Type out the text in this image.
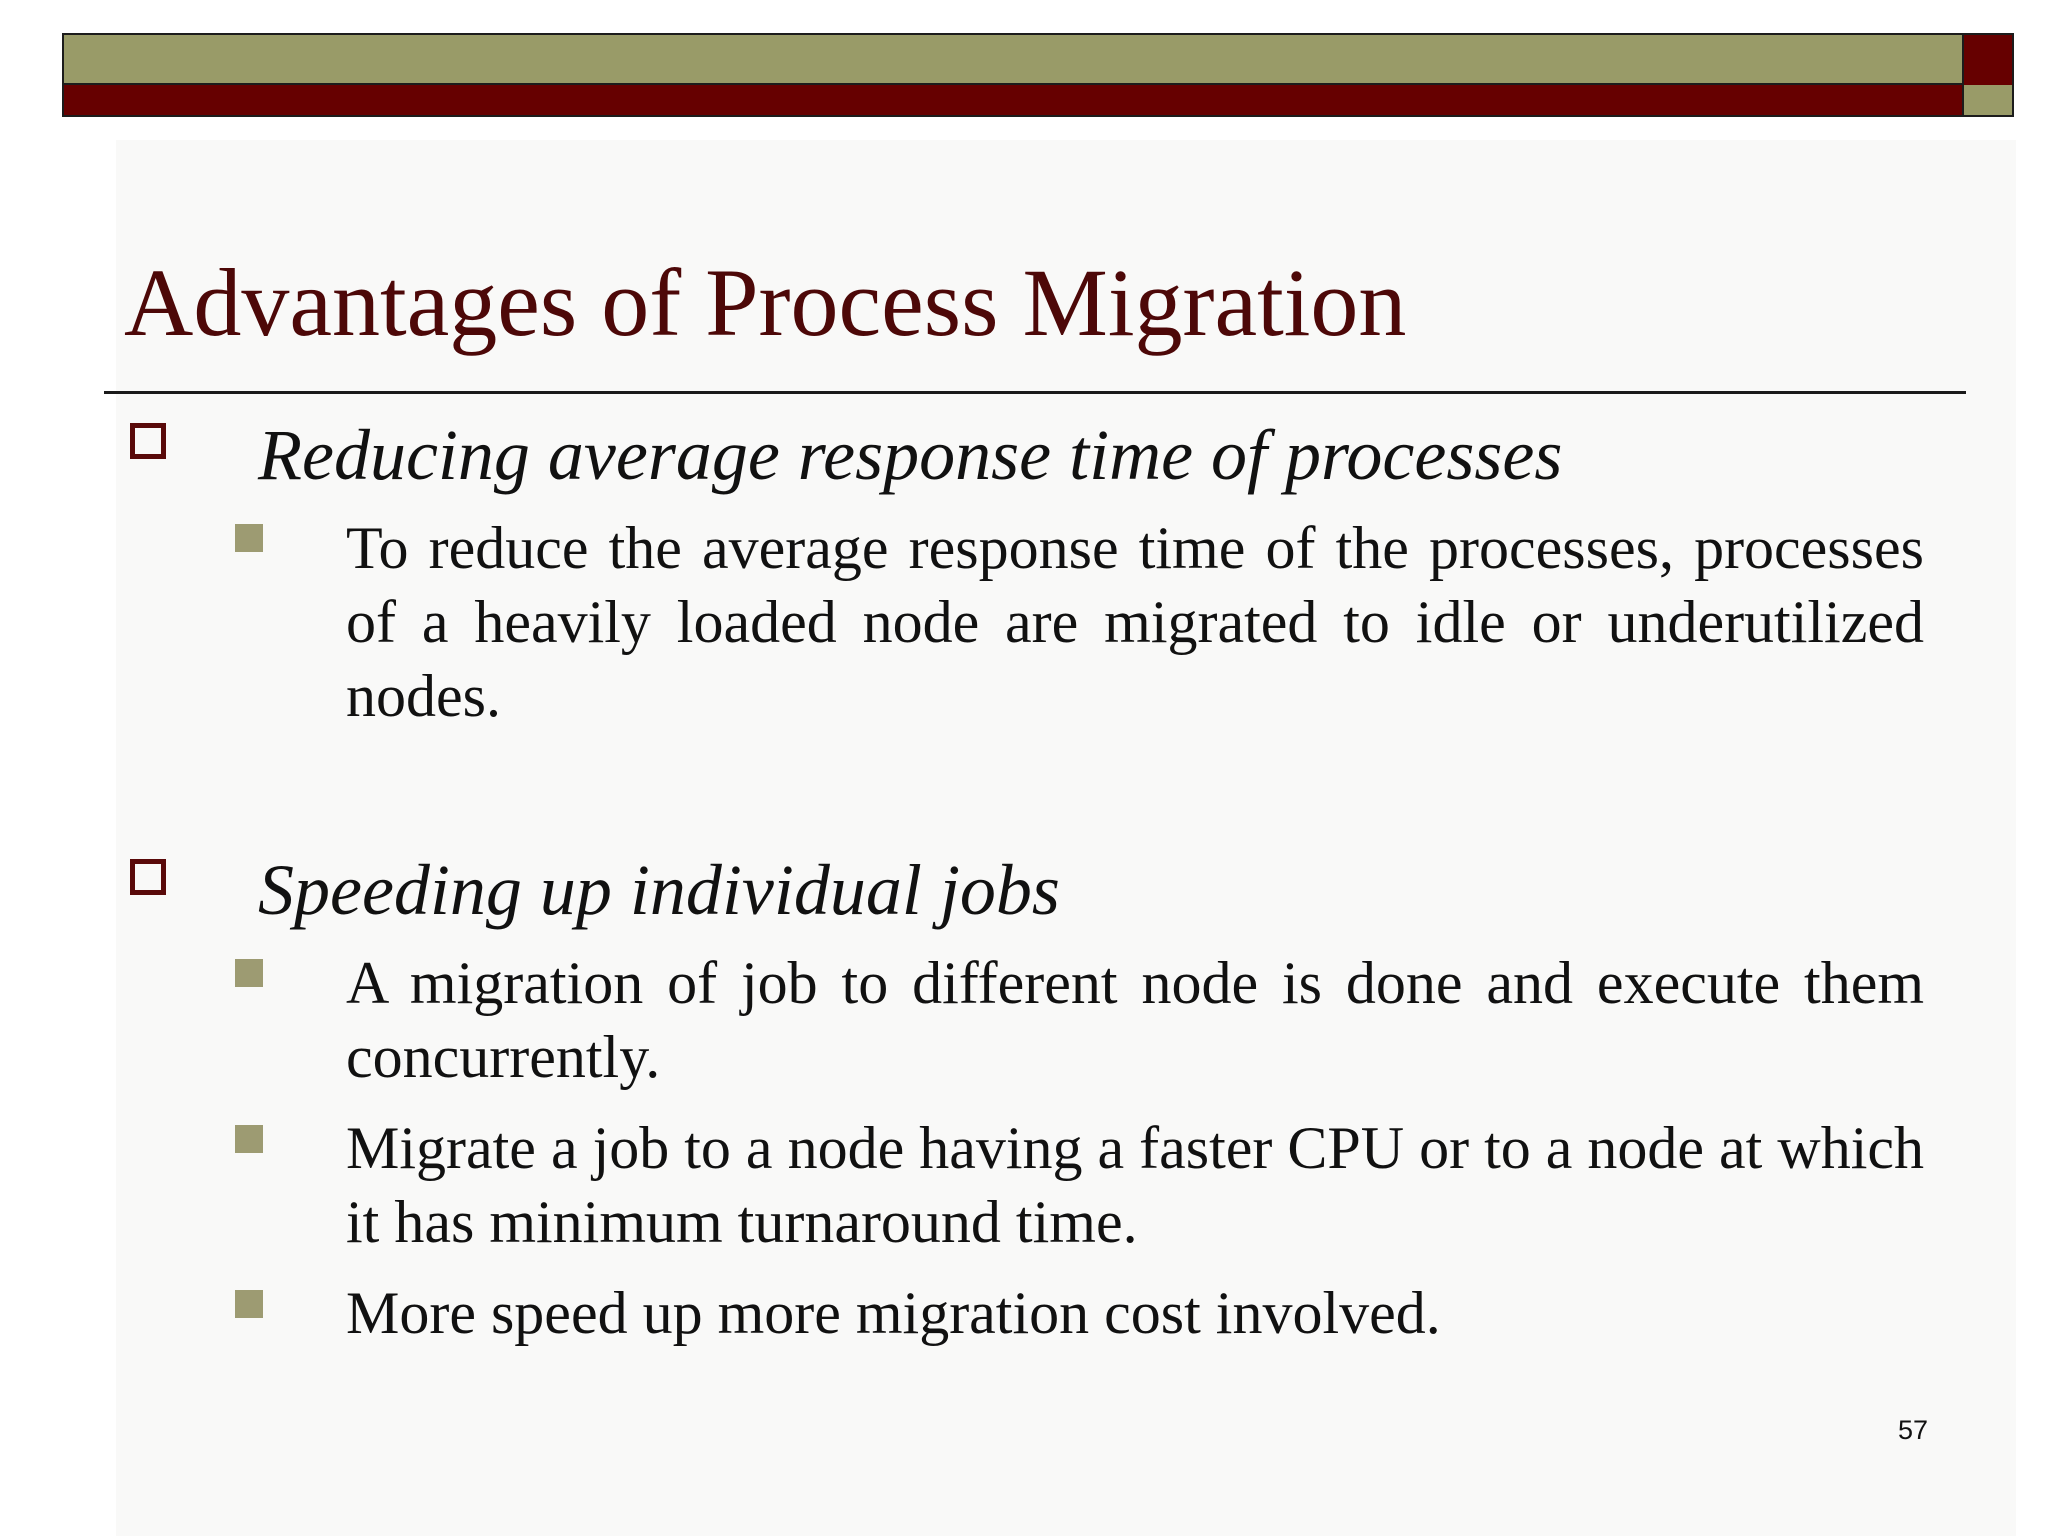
Advantages of Process Migration
Reducing average response time of processes

To reduce the average response time of the processes, processes of a heavily loaded node are migrated to idle or underutilized nodes.

Speeding up individual jobs

A migration of job to different node is done and execute them concurrently.

Migrate a job to a node having a faster CPU or to a node at which it has minimum turnaround time.

More speed up more migration cost involved.

57
